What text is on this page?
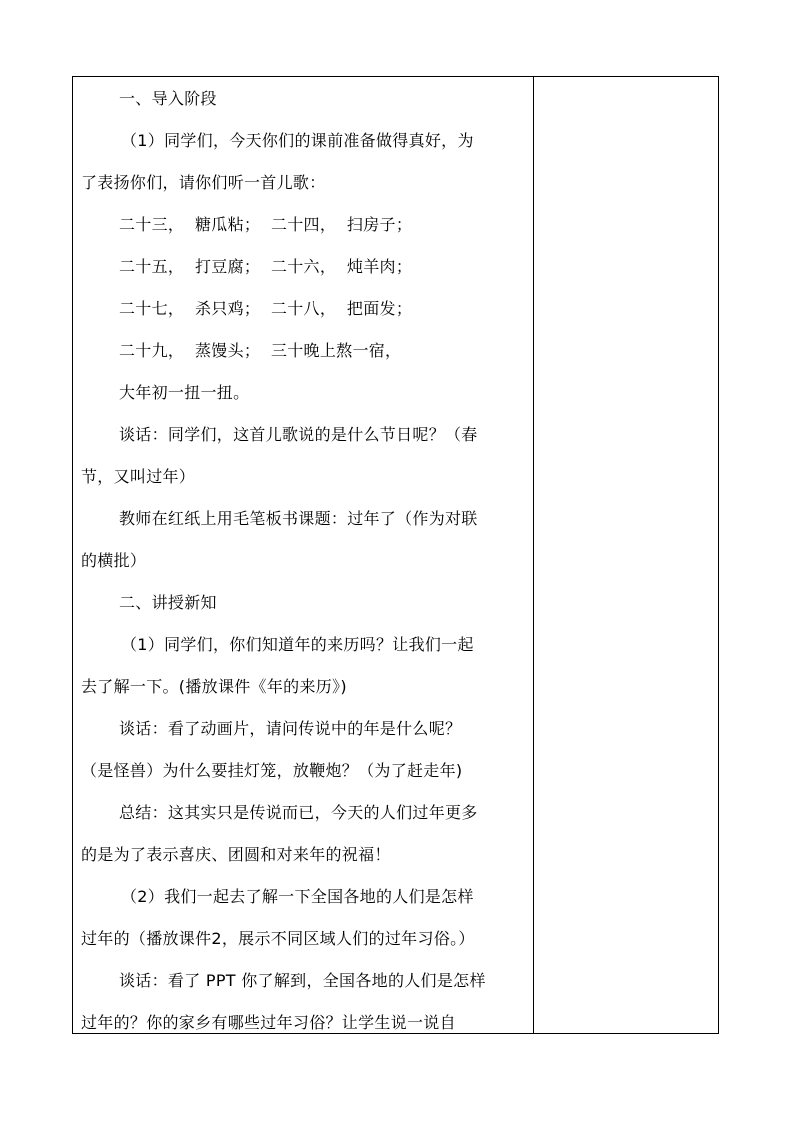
一、导入阶段
（1）同学们，今天你们的课前准备做得真好，为
了表扬你们，请你们听一首儿歌：
二十三，  糖瓜粘；  二十四，  扫房子；
二十五，  打豆腐；  二十六，  炖羊肉；
二十七，  杀只鸡；  二十八，  把面发；
二十九，  蒸馒头；  三十晚上熬一宿，
大年初一扭一扭。
谈话：同学们，这首儿歌说的是什么节日呢？（春
节，又叫过年）
教师在红纸上用毛笔板书课题：过年了（作为对联
的横批）
二、讲授新知
（1）同学们，你们知道年的来历吗？让我们一起
去了解一下。(播放课件《年的来历》)
谈话：看了动画片，请问传说中的年是什么呢？
（是怪兽）为什么要挂灯笼，放鞭炮？（为了赶走年)
总结：这其实只是传说而已，今天的人们过年更多
的是为了表示喜庆、团圆和对来年的祝福！
（2）我们一起去了解一下全国各地的人们是怎样
过年的（播放课件2，展示不同区域人们的过年习俗。）
谈话：看了 PPT 你了解到，全国各地的人们是怎样
过年的？你的家乡有哪些过年习俗？让学生说一说自
